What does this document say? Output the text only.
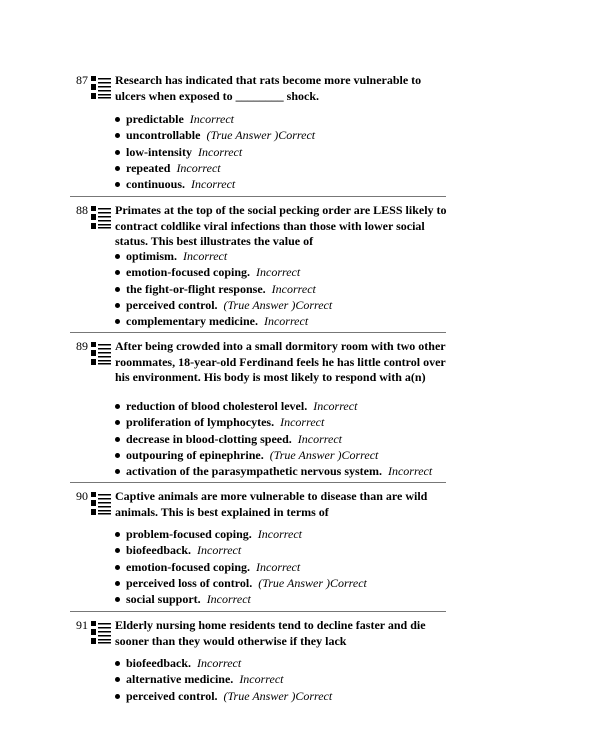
87 Research has indicated that rats become more vulnerable to ulcers when exposed to ________ shock.
predictable Incorrect
uncontrollable (True Answer )Correct
low-intensity Incorrect
repeated Incorrect
continuous. Incorrect
88 Primates at the top of the social pecking order are LESS likely to contract coldlike viral infections than those with lower social status. This best illustrates the value of
optimism. Incorrect
emotion-focused coping. Incorrect
the fight-or-flight response. Incorrect
perceived control. (True Answer )Correct
complementary medicine. Incorrect
89 After being crowded into a small dormitory room with two other roommates, 18-year-old Ferdinand feels he has little control over his environment. His body is most likely to respond with a(n)
reduction of blood cholesterol level. Incorrect
proliferation of lymphocytes. Incorrect
decrease in blood-clotting speed. Incorrect
outpouring of epinephrine. (True Answer )Correct
activation of the parasympathetic nervous system. Incorrect
90 Captive animals are more vulnerable to disease than are wild animals. This is best explained in terms of
problem-focused coping. Incorrect
biofeedback. Incorrect
emotion-focused coping. Incorrect
perceived loss of control. (True Answer )Correct
social support. Incorrect
91 Elderly nursing home residents tend to decline faster and die sooner than they would otherwise if they lack
biofeedback. Incorrect
alternative medicine. Incorrect
perceived control. (True Answer )Correct
